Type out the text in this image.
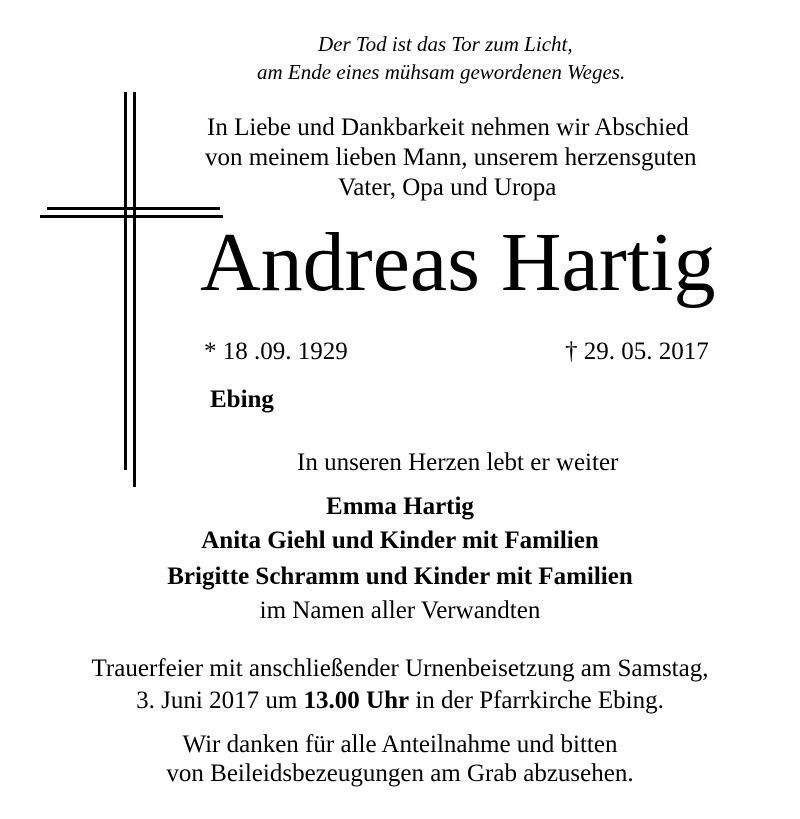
Der Tod ist das Tor zum Licht,
am Ende eines mühsam gewordenen Weges.
In Liebe und Dankbarkeit nehmen wir Abschied
von meinem lieben Mann, unserem herzensguten
Vater, Opa und Uropa
Andreas Hartig
* 18 .09. 1929	† 29. 05. 2017
Ebing
In unseren Herzen lebt er weiter
Emma Hartig
Anita Giehl und Kinder mit Familien
Brigitte Schramm und Kinder mit Familien
im Namen aller Verwandten
Trauerfeier mit anschließender Urnenbeisetzung am Samstag,
3. Juni 2017 um 13.00 Uhr in der Pfarrkirche Ebing.
Wir danken für alle Anteilnahme und bitten
von Beileidsbezeugungen am Grab abzusehen.
